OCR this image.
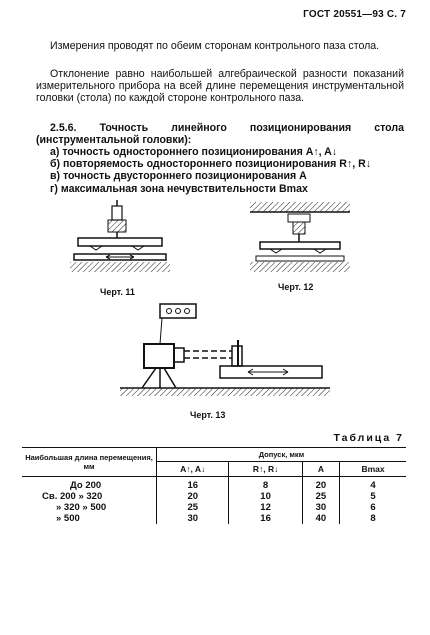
ГОСТ 20551—93 С. 7
Измерения проводят по обеим сторонам контрольного паза стола.
Отклонение равно наибольшей алгебраической разности показаний измерительного прибора на всей длине перемещения инструментальной головки (стола) по каждой стороне контрольного паза.
2.5.6. Точность линейного позиционирования стола (инструментальной головки):
а) точность одностороннего позиционирования A↑, A↓
б) повторяемость одностороннего позиционирования R↑, R↓
в) точность двустороннего позиционирования A
г) максимальная зона нечувствительности Bmax
Черт. 11	Черт. 12
Черт. 13
Таблица 7
Наибольшая длина перемещения, мм	Допуск, мкм			
	A↑, A↓	R↑, R↓	A	Bmax
До 200	16	8	20	4
Св. 200 » 320	20	10	25	5
» 320 » 500	25	12	30	6
» 500	30	16	40	8
